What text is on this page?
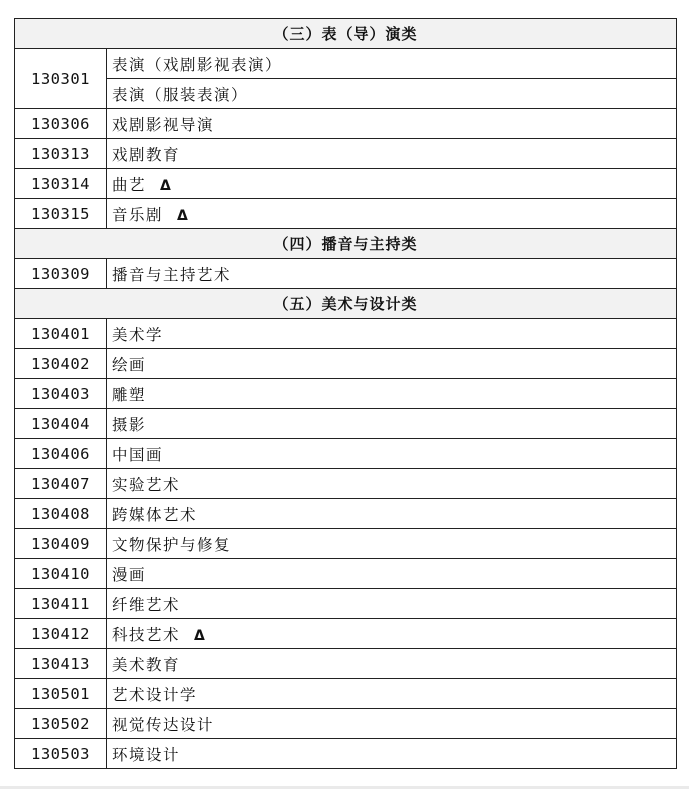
（三）表（导）演类	
130301	表演（戏剧影视表演）
	表演（服装表演）
130306	戏剧影视导演
130313	戏剧教育
130314	曲艺 Δ
130315	音乐剧 Δ
（四）播音与主持类	
130309	播音与主持艺术
（五）美术与设计类	
130401	美术学
130402	绘画
130403	雕塑
130404	摄影
130406	中国画
130407	实验艺术
130408	跨媒体艺术
130409	文物保护与修复
130410	漫画
130411	纤维艺术
130412	科技艺术 Δ
130413	美术教育
130501	艺术设计学
130502	视觉传达设计
130503	环境设计
